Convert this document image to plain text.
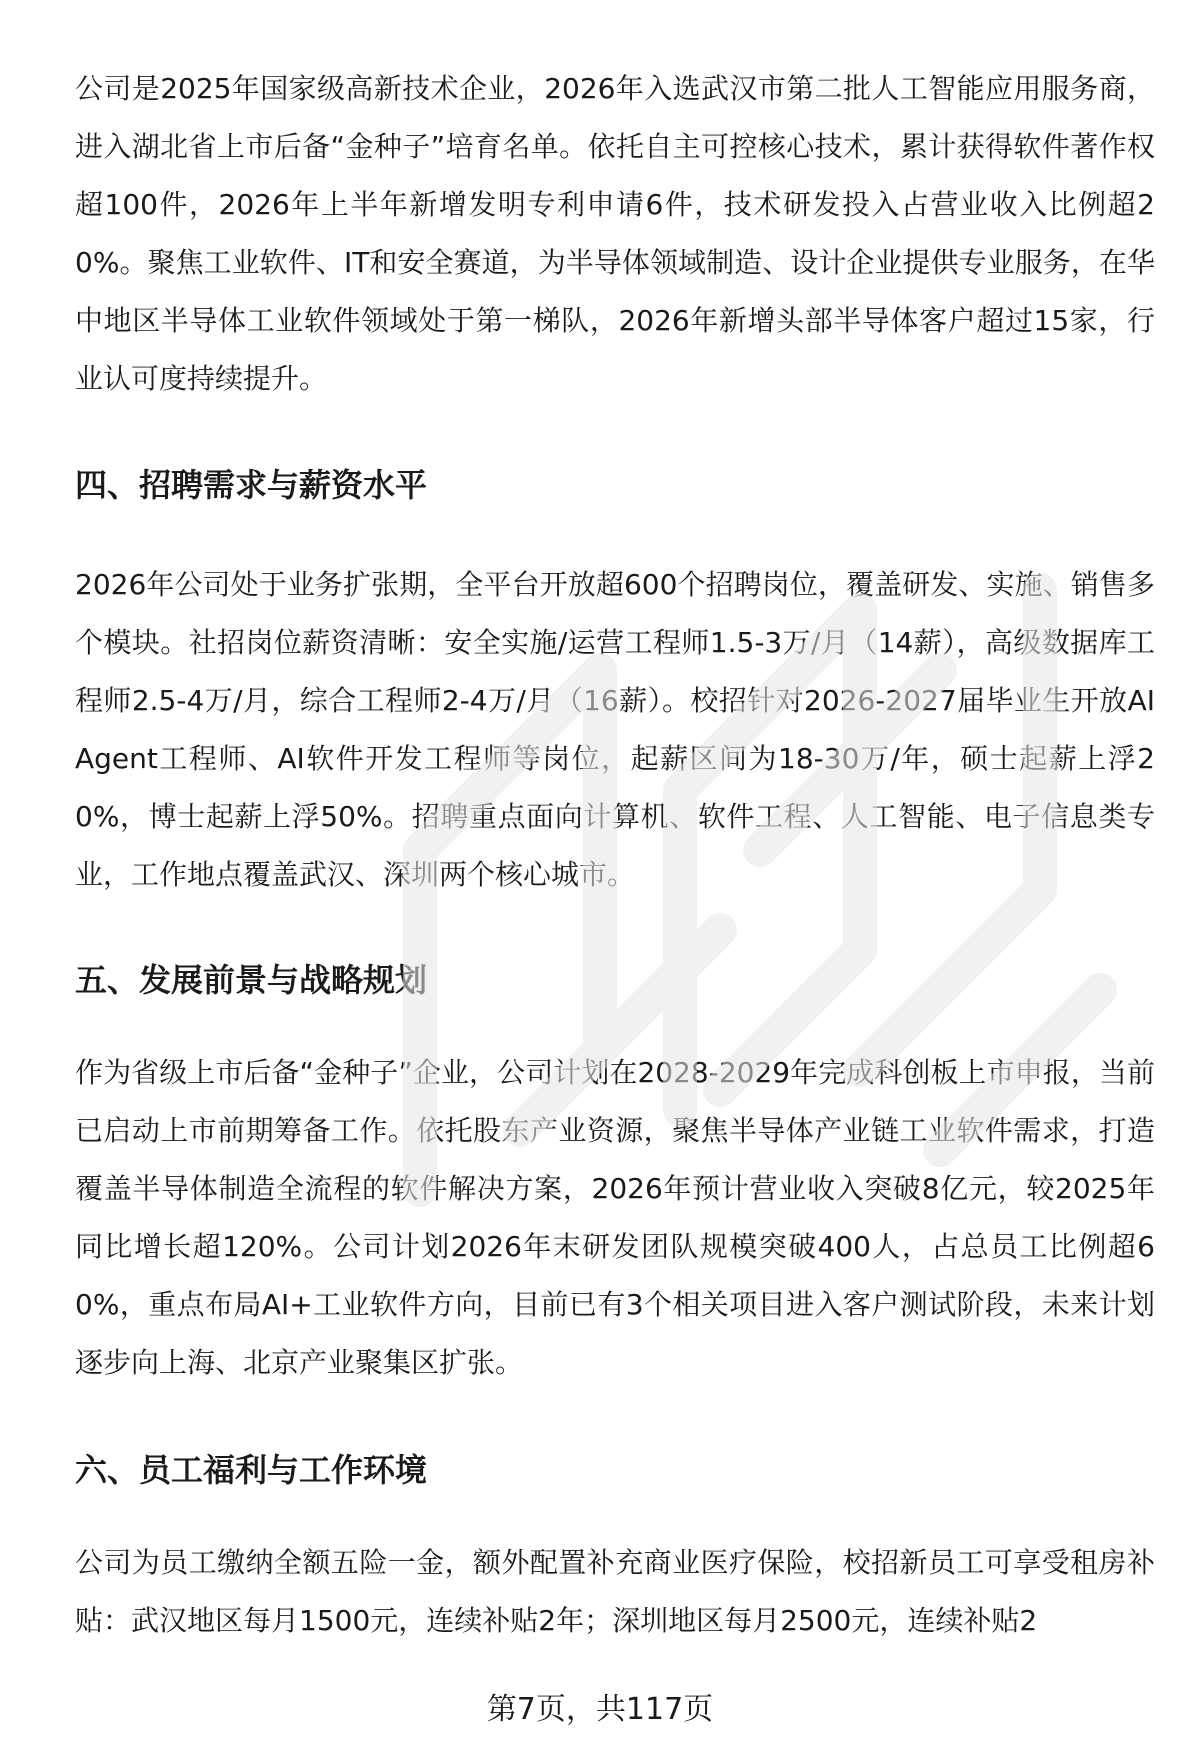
公司是2025年国家级高新技术企业，2026年入选武汉市第二批人工智能应用服务商，进入湖北省上市后备“金种子”培育名单。依托自主可控核心技术，累计获得软件著作权超100件，2026年上半年新增发明专利申请6件，技术研发投入占营业收入比例超20%。聚焦工业软件、IT和安全赛道，为半导体领域制造、设计企业提供专业服务，在华中地区半导体工业软件领域处于第一梯队，2026年新增头部半导体客户超过15家，行业认可度持续提升。

四、招聘需求与薪资水平

2026年公司处于业务扩张期，全平台开放超600个招聘岗位，覆盖研发、实施、销售多个模块。社招岗位薪资清晰：安全实施/运营工程师1.5-3万/月（14薪），高级数据库工程师2.5-4万/月，综合工程师2-4万/月（16薪）。校招针对2026-2027届毕业生开放AI Agent工程师、AI软件开发工程师等岗位，起薪区间为18-30万/年，硕士起薪上浮20%，博士起薪上浮50%。招聘重点面向计算机、软件工程、人工智能、电子信息类专业，工作地点覆盖武汉、深圳两个核心城市。

五、发展前景与战略规划

作为省级上市后备“金种子”企业，公司计划在2028-2029年完成科创板上市申报，当前已启动上市前期筹备工作。依托股东产业资源，聚焦半导体产业链工业软件需求，打造覆盖半导体制造全流程的软件解决方案，2026年预计营业收入突破8亿元，较2025年同比增长超120%。公司计划2026年末研发团队规模突破400人，占总员工比例超60%，重点布局AI+工业软件方向，目前已有3个相关项目进入客户测试阶段，未来计划逐步向上海、北京产业聚集区扩张。

六、员工福利与工作环境

公司为员工缴纳全额五险一金，额外配置补充商业医疗保险，校招新员工可享受租房补贴：武汉地区每月1500元，连续补贴2年；深圳地区每月2500元，连续补贴2

第7页，共117页
